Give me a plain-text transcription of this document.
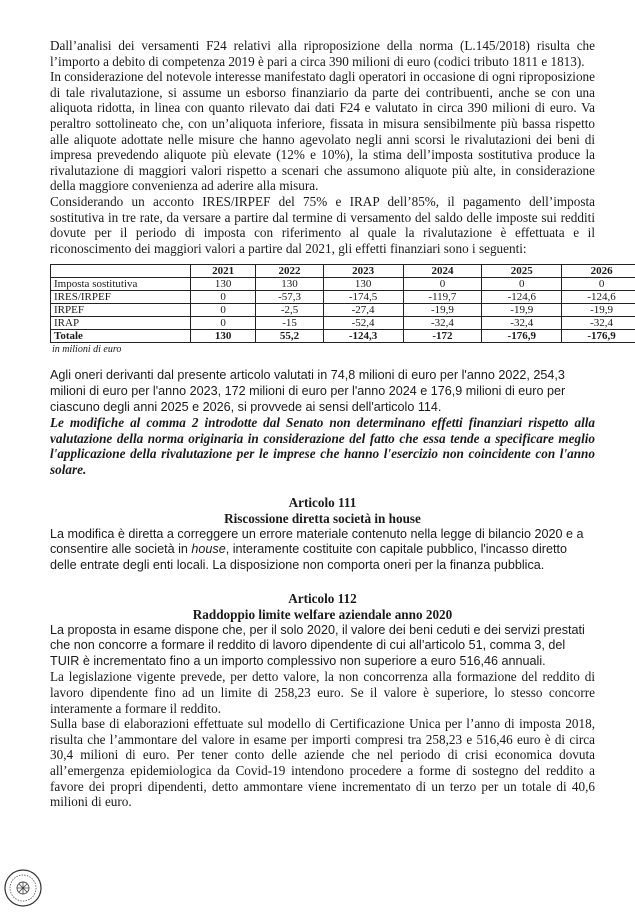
Dall’analisi dei versamenti F24 relativi alla riproposizione della norma (L.145/2018) risulta che l’importo a debito di competenza 2019 è pari a circa 390 milioni di euro (codici tributo 1811 e 1813).

In considerazione del notevole interesse manifestato dagli operatori in occasione di ogni riproposizione di tale rivalutazione, si assume un esborso finanziario da parte dei contribuenti, anche se con una aliquota ridotta, in linea con quanto rilevato dai dati F24 e valutato in circa 390 milioni di euro. Va peraltro sottolineato che, con un’aliquota inferiore, fissata in misura sensibilmente più bassa rispetto alle aliquote adottate nelle misure che hanno agevolato negli anni scorsi le rivalutazioni dei beni di impresa prevedendo aliquote più elevate (12% e 10%), la stima dell’imposta sostitutiva produce la rivalutazione di maggiori valori rispetto a scenari che assumono aliquote più alte, in considerazione della maggiore convenienza ad aderire alla misura.

Considerando un acconto IRES/IRPEF del 75% e IRAP dell’85%, il pagamento dell’imposta sostitutiva in tre rate, da versare a partire dal termine di versamento del saldo delle imposte sui redditi dovute per il periodo di imposta con riferimento al quale la rivalutazione è effettuata e il riconoscimento dei maggiori valori a partire dal 2021, gli effetti finanziari sono i seguenti:

	2021	2022	2023	2024	2025	2026
Imposta sostitutiva	130	130	130	0	0	0
IRES/IRPEF	0	-57,3	-174,5	-119,7	-124,6	-124,6
IRPEF	0	-2,5	-27,4	-19,9	-19,9	-19,9
IRAP	0	-15	-52,4	-32,4	-32,4	-32,4
Totale	130	55,2	-124,3	-172	-176,9	-176,9
in milioni di euro

Agli oneri derivanti dal presente articolo valutati in 74,8 milioni di euro per l'anno 2022, 254,3 milioni di euro per l'anno 2023, 172 milioni di euro per l'anno 2024 e 176,9 milioni di euro per ciascuno degli anni 2025 e 2026, si provvede ai sensi dell'articolo 114.

Le modifiche al comma 2 introdotte dal Senato non determinano effetti finanziari rispetto alla valutazione della norma originaria in considerazione del fatto che essa tende a specificare meglio l'applicazione della rivalutazione per le imprese che hanno l'esercizio non coincidente con l'anno solare.

Articolo 111

Riscossione diretta società in house

La modifica è diretta a correggere un errore materiale contenuto nella legge di bilancio 2020 e a consentire alle società in house, interamente costituite con capitale pubblico, l'incasso diretto delle entrate degli enti locali. La disposizione non comporta oneri per la finanza pubblica.

Articolo 112

Raddoppio limite welfare aziendale anno 2020

La proposta in esame dispone che, per il solo 2020, il valore dei beni ceduti e dei servizi prestati che non concorre a formare il reddito di lavoro dipendente di cui all’articolo 51, comma 3, del TUIR è incrementato fino a un importo complessivo non superiore a euro 516,46 annuali.

La legislazione vigente prevede, per detto valore, la non concorrenza alla formazione del reddito di lavoro dipendente fino ad un limite di 258,23 euro. Se il valore è superiore, lo stesso concorre interamente a formare il reddito.

Sulla base di elaborazioni effettuate sul modello di Certificazione Unica per l’anno di imposta 2018, risulta che l’ammontare del valore in esame per importi compresi tra 258,23 e 516,46 euro è di circa 30,4 milioni di euro. Per tener conto delle aziende che nel periodo di crisi economica dovuta all’emergenza epidemiologica da Covid-19 intendono procedere a forme di sostegno del reddito a favore dei propri dipendenti, detto ammontare viene incrementato di un terzo per un totale di 40,6 milioni di euro.
